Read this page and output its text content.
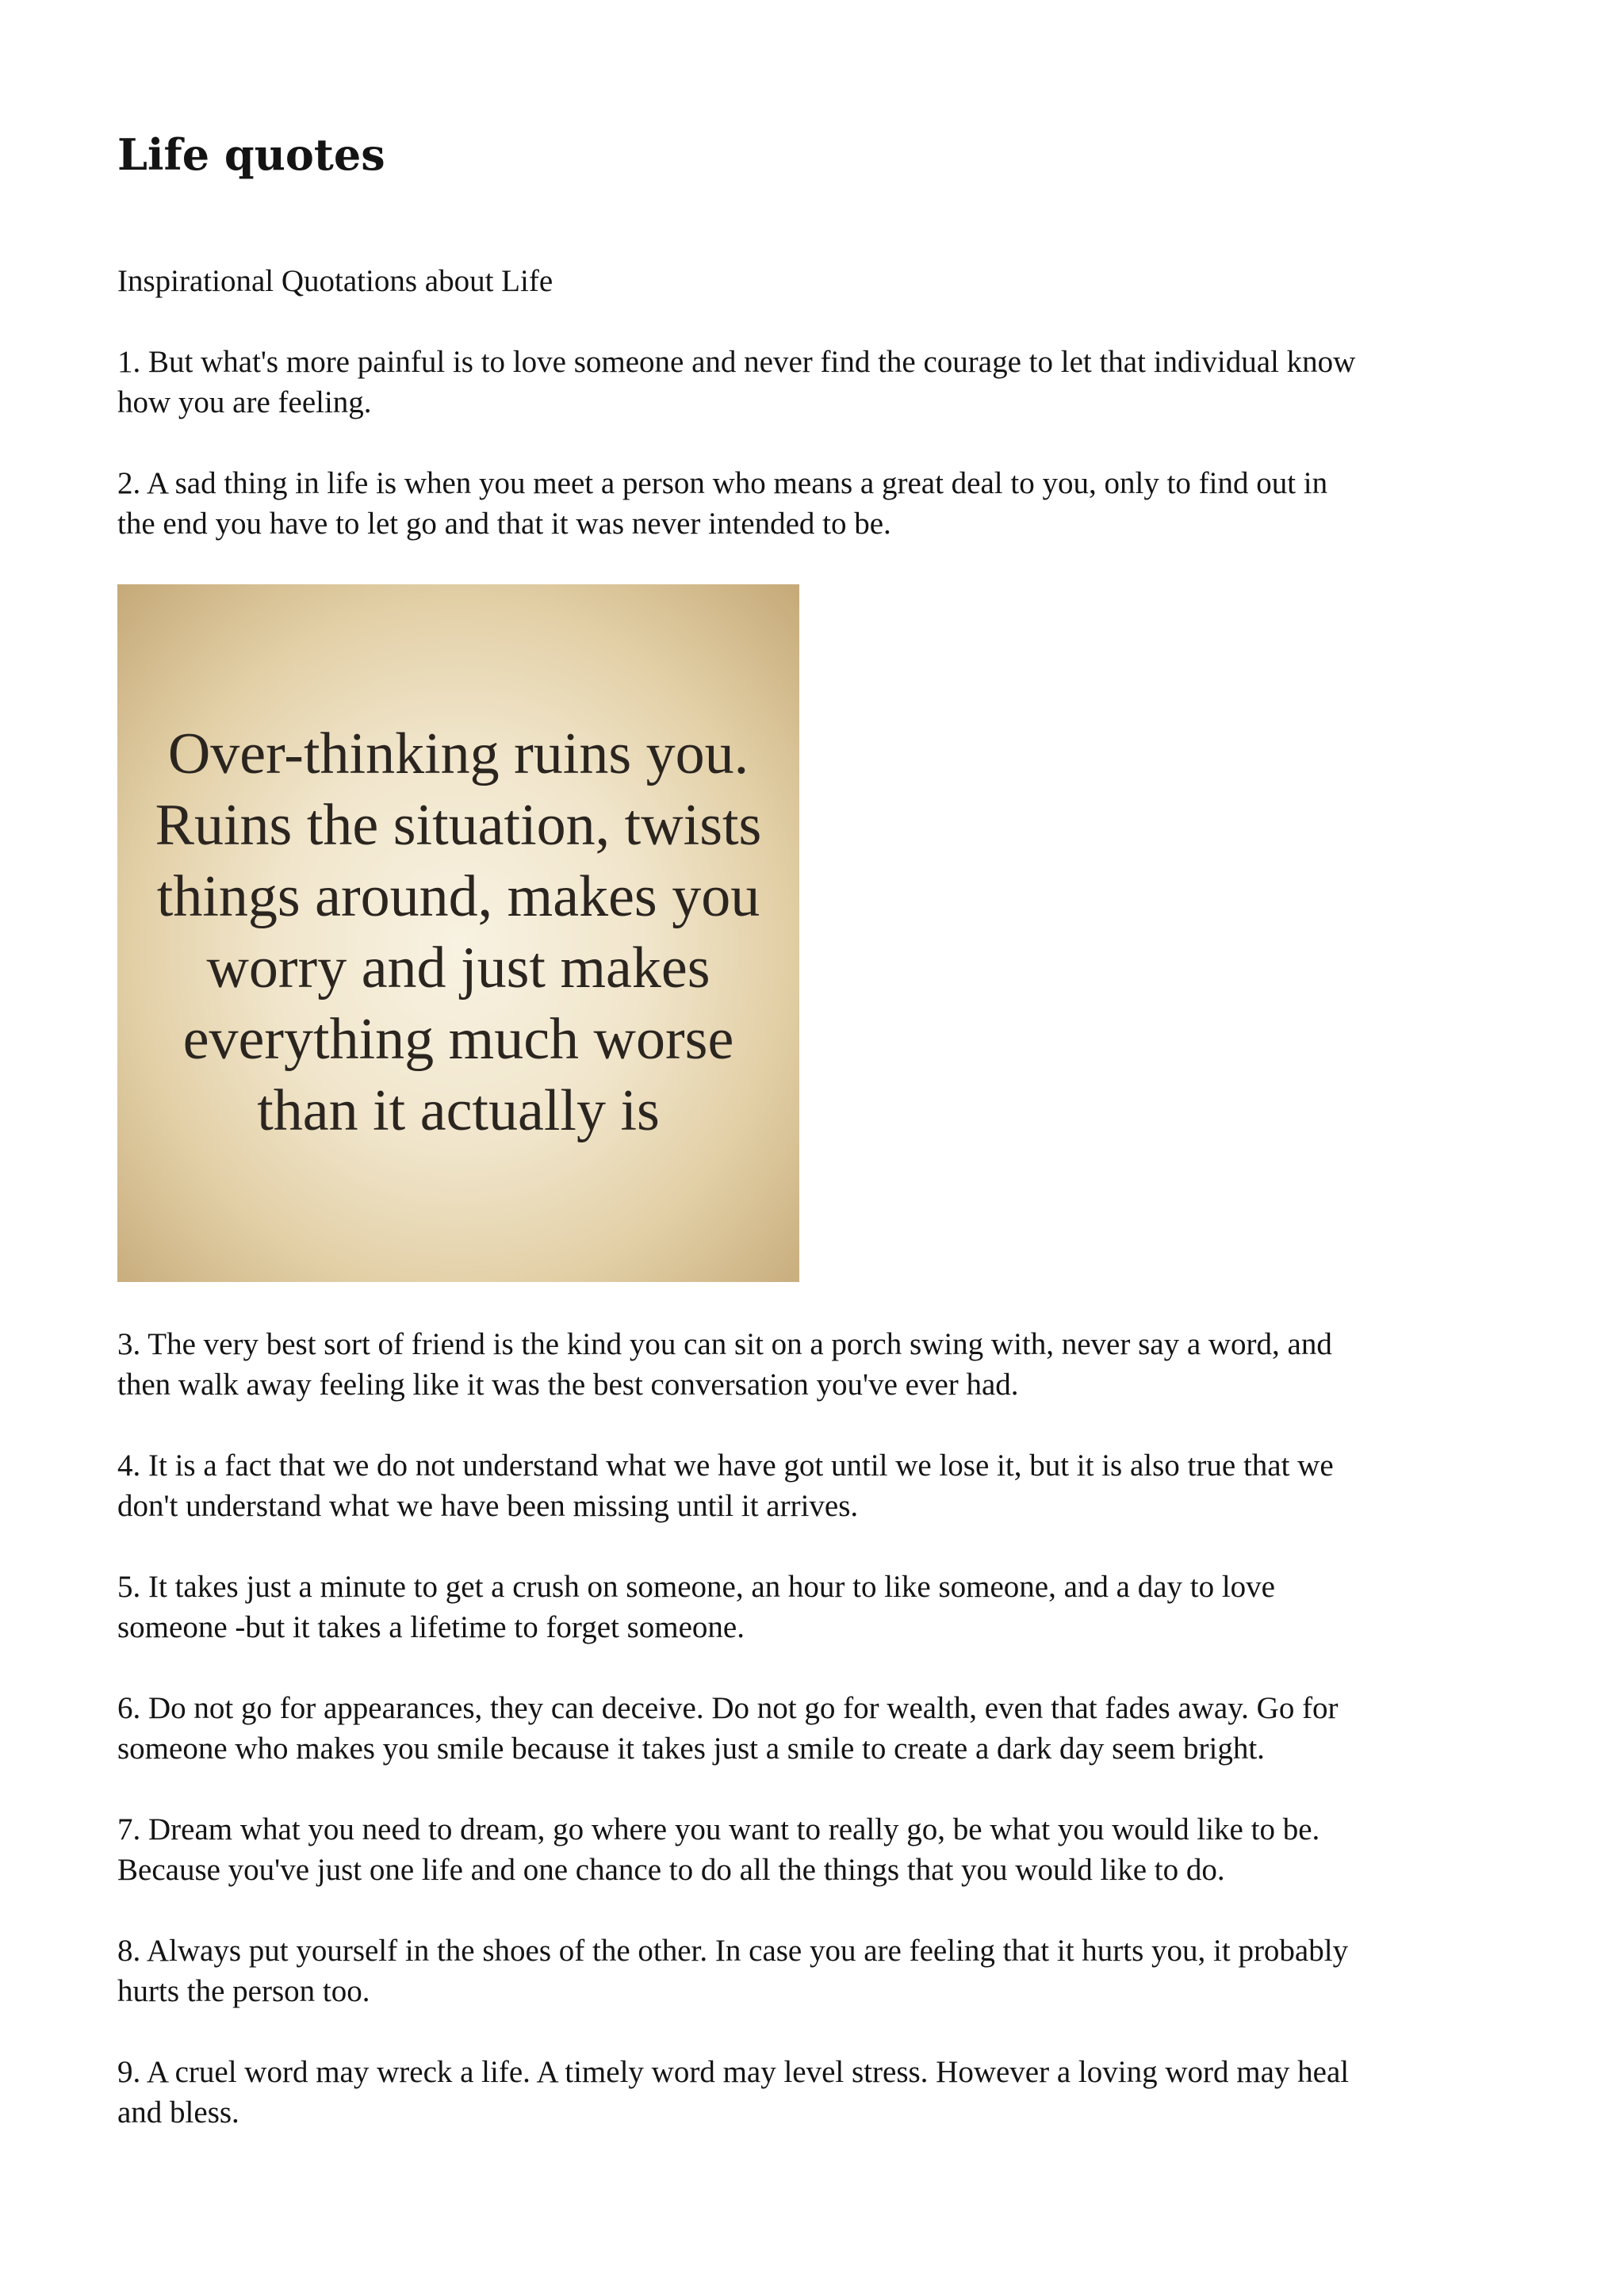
Life quotes

Inspirational Quotations about Life

1. But what's more painful is to love someone and never find the courage to let that individual know
how you are feeling.

2. A sad thing in life is when you meet a person who means a great deal to you, only to find out in
the end you have to let go and that it was never intended to be.

Over-thinking ruins you.
Ruins the situation, twists
things around, makes you
worry and just makes
everything much worse
than it actually is

3. The very best sort of friend is the kind you can sit on a porch swing with, never say a word, and
then walk away feeling like it was the best conversation you've ever had.

4. It is a fact that we do not understand what we have got until we lose it, but it is also true that we
don't understand what we have been missing until it arrives.

5. It takes just a minute to get a crush on someone, an hour to like someone, and a day to love
someone -but it takes a lifetime to forget someone.

6. Do not go for appearances, they can deceive. Do not go for wealth, even that fades away. Go for
someone who makes you smile because it takes just a smile to create a dark day seem bright.

7. Dream what you need to dream, go where you want to really go, be what you would like to be.
Because you've just one life and one chance to do all the things that you would like to do.

8. Always put yourself in the shoes of the other. In case you are feeling that it hurts you, it probably
hurts the person too.

9. A cruel word may wreck a life. A timely word may level stress. However a loving word may heal
and bless.
